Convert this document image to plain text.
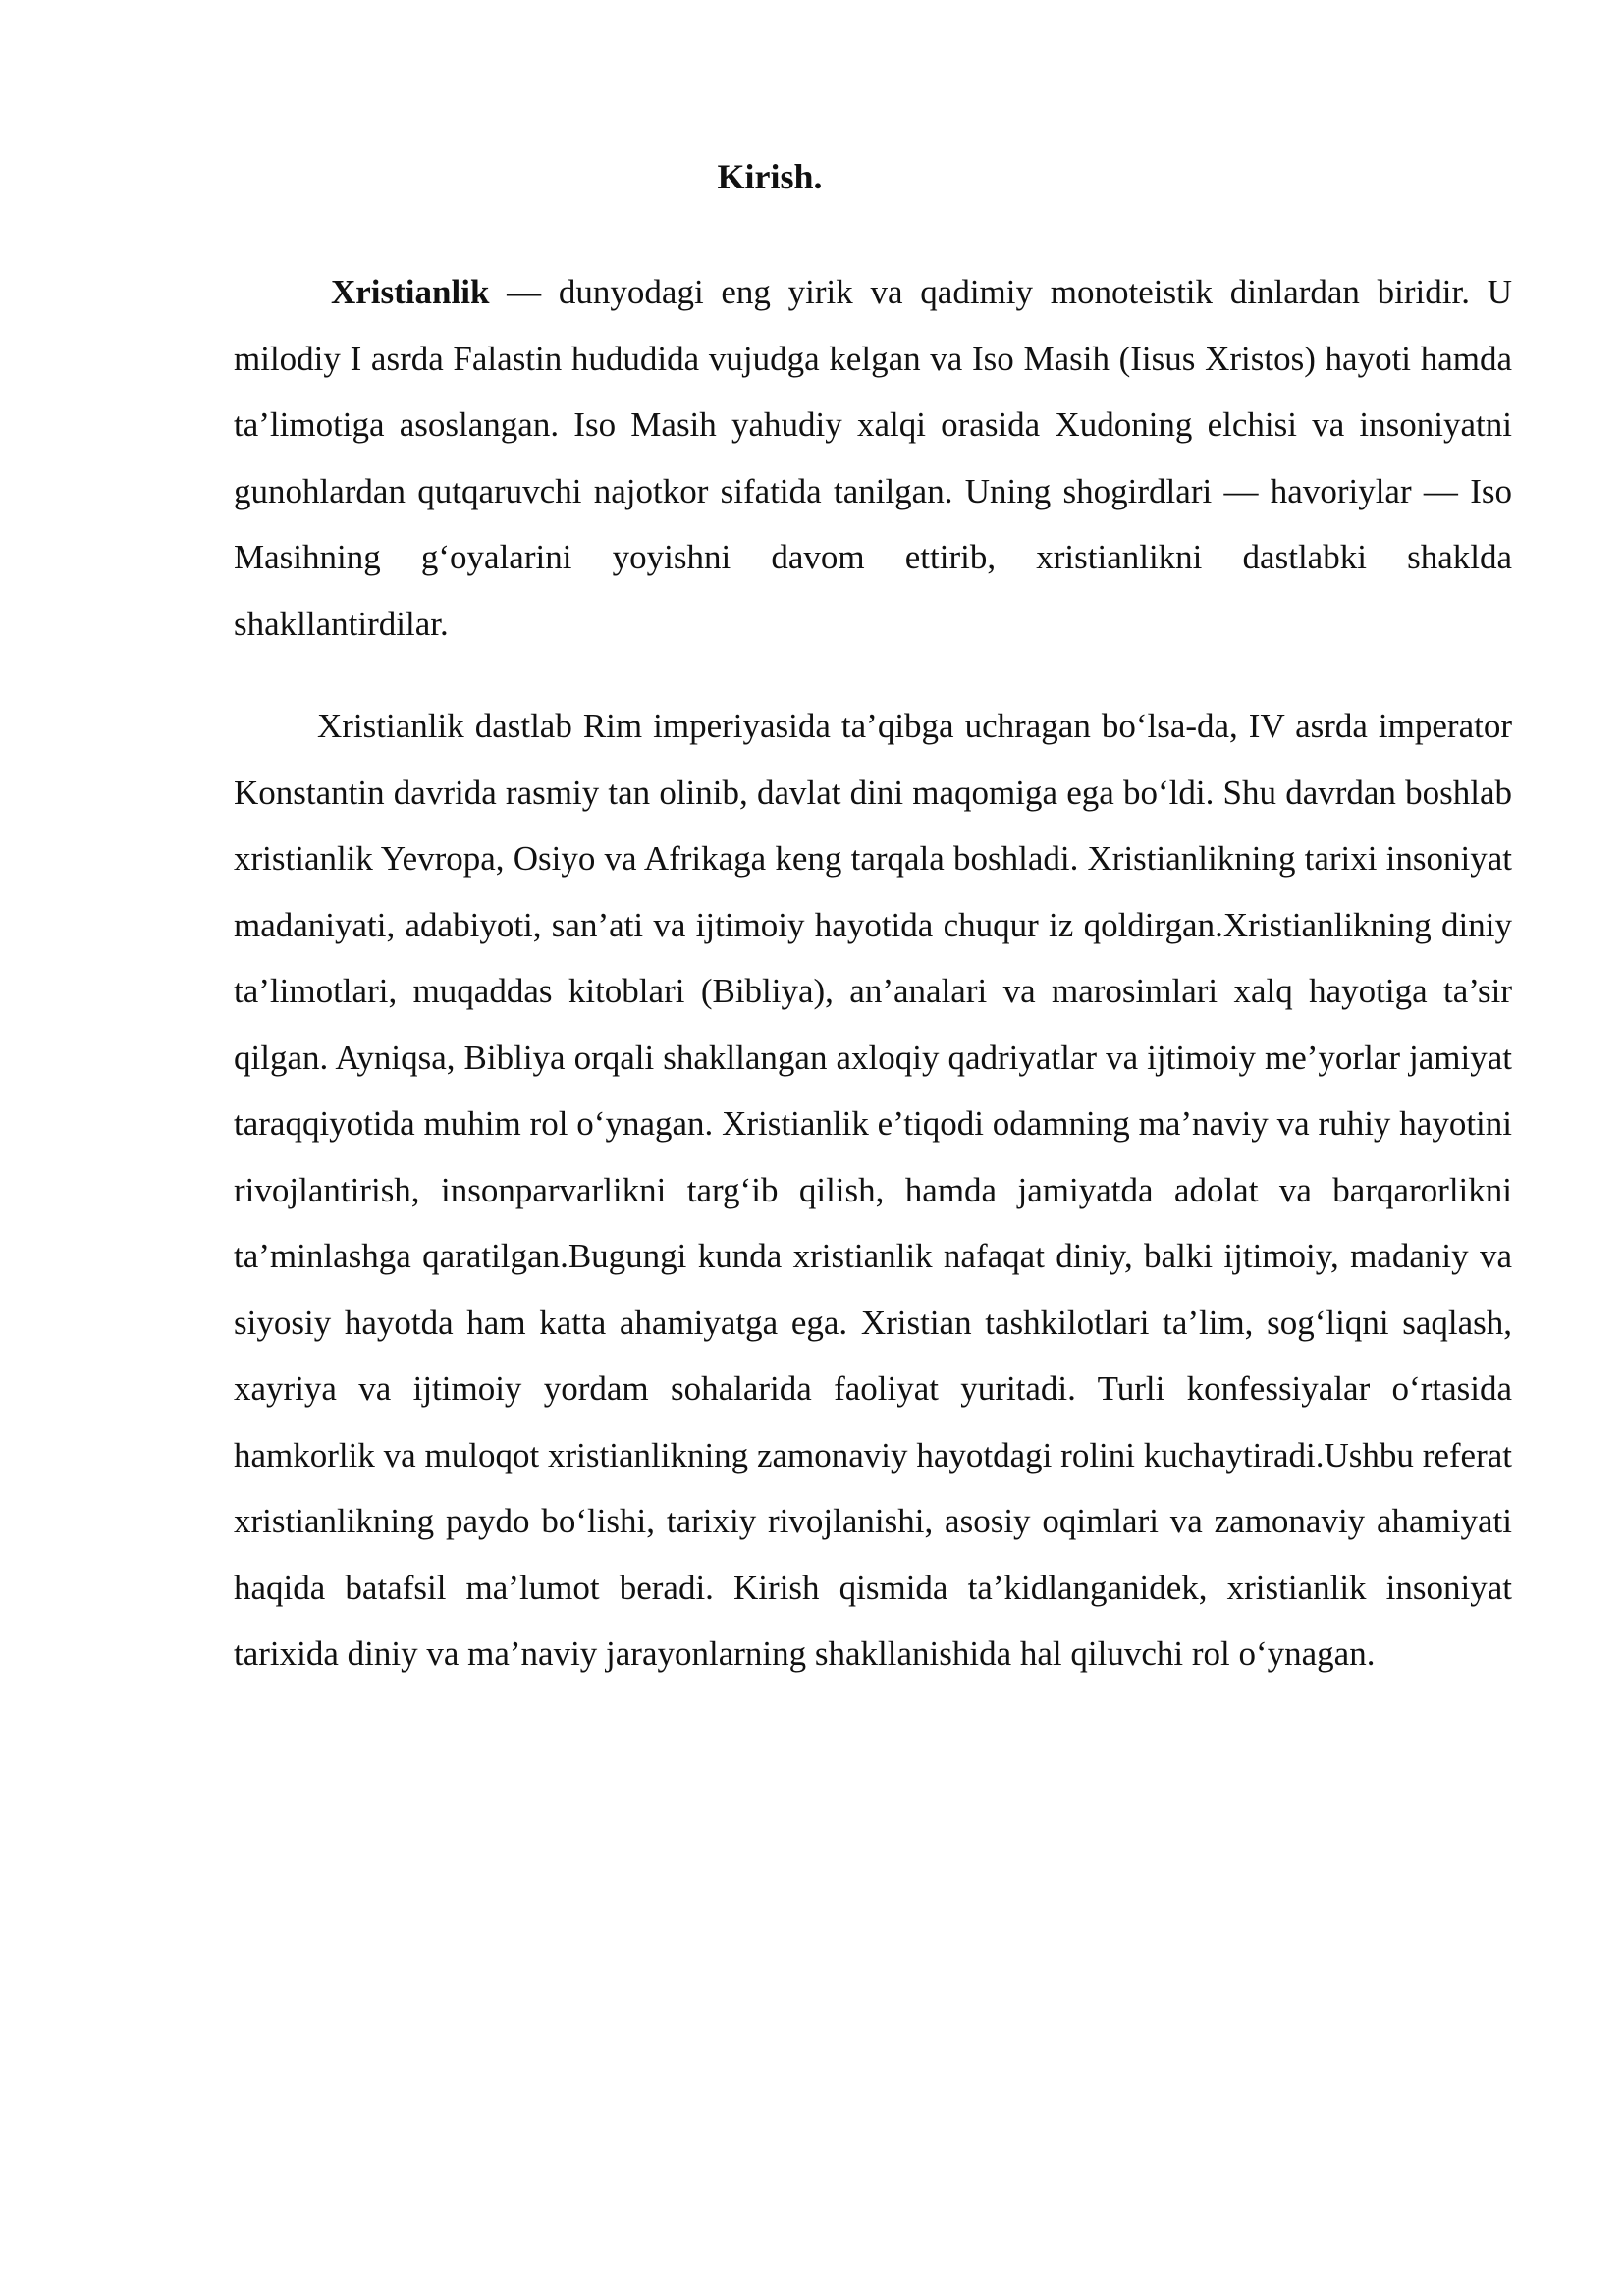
Kirish.

Xristianlik — dunyodagi eng yirik va qadimiy monoteistik dinlardan biridir. U milodiy I asrda Falastin hududida vujudga kelgan va Iso Masih (Iisus Xristos) hayoti hamda ta’limotiga asoslangan. Iso Masih yahudiy xalqi orasida Xudoning elchisi va insoniyatni gunohlardan qutqaruvchi najotkor sifatida tanilgan. Uning shogirdlari — havoriylar — Iso Masihning g‘oyalarini yoyishni davom ettirib, xristianlikni dastlabki shaklda shakllantirdilar.

Xristianlik dastlab Rim imperiyasida ta’qibga uchragan bo‘lsa-da, IV asrda imperator Konstantin davrida rasmiy tan olinib, davlat dini maqomiga ega bo‘ldi. Shu davrdan boshlab xristianlik Yevropa, Osiyo va Afrikaga keng tarqala boshladi. Xristianlikning tarixi insoniyat madaniyati, adabiyoti, san’ati va ijtimoiy hayotida chuqur iz qoldirgan.Xristianlikning diniy ta’limotlari, muqaddas kitoblari (Bibliya), an’analari va marosimlari xalq hayotiga ta’sir qilgan. Ayniqsa, Bibliya orqali shakllangan axloqiy qadriyatlar va ijtimoiy me’yorlar jamiyat taraqqiyotida muhim rol o‘ynagan. Xristianlik e’tiqodi odamning ma’naviy va ruhiy hayotini rivojlantirish, insonparvarlikni targ‘ib qilish, hamda jamiyatda adolat va barqarorlikni ta’minlashga qaratilgan.Bugungi kunda xristianlik nafaqat diniy, balki ijtimoiy, madaniy va siyosiy hayotda ham katta ahamiyatga ega. Xristian tashkilotlari ta’lim, sog‘liqni saqlash, xayriya va ijtimoiy yordam sohalarida faoliyat yuritadi. Turli konfessiyalar o‘rtasida hamkorlik va muloqot xristianlikning zamonaviy hayotdagi rolini kuchaytiradi.Ushbu referat xristianlikning paydo bo‘lishi, tarixiy rivojlanishi, asosiy oqimlari va zamonaviy ahamiyati haqida batafsil ma’lumot beradi. Kirish qismida ta’kidlanganidek, xristianlik insoniyat tarixida diniy va ma’naviy jarayonlarning shakllanishida hal qiluvchi rol o‘ynagan.
